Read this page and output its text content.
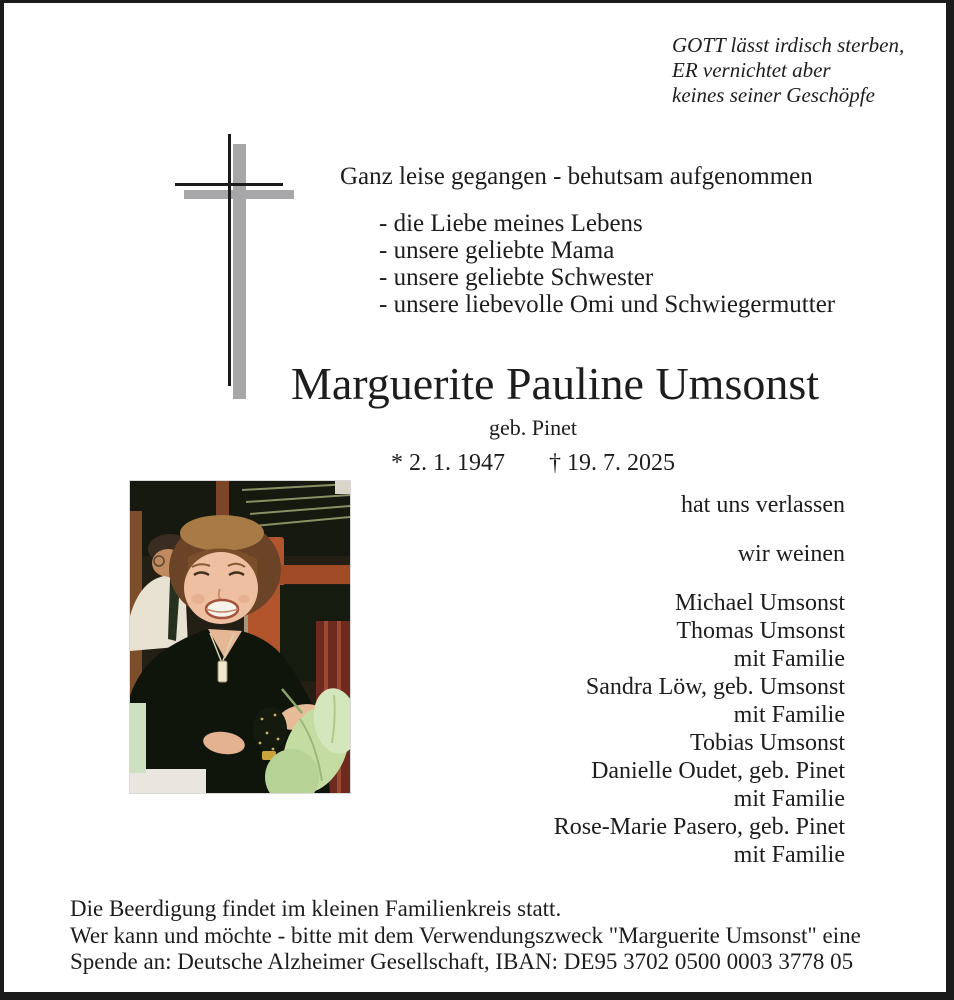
GOTT lässt irdisch sterben,
ER vernichtet aber
keines seiner Geschöpfe
Ganz leise gegangen - behutsam aufgenommen
- die Liebe meines Lebens
- unsere geliebte Mama
- unsere geliebte Schwester
- unsere liebevolle Omi und Schwiegermutter
Marguerite Pauline Umsonst
geb. Pinet
* 2. 1. 1947 † 19. 7. 2025
hat uns verlassen
wir weinen
Michael Umsonst
Thomas Umsonst
mit Familie
Sandra Löw, geb. Umsonst
mit Familie
Tobias Umsonst
Danielle Oudet, geb. Pinet
mit Familie
Rose-Marie Pasero, geb. Pinet
mit Familie
Die Beerdigung findet im kleinen Familienkreis statt.
Wer kann und möchte - bitte mit dem Verwendungszweck "Marguerite Umsonst" eine
Spende an: Deutsche Alzheimer Gesellschaft, IBAN: DE95 3702 0500 0003 3778 05
